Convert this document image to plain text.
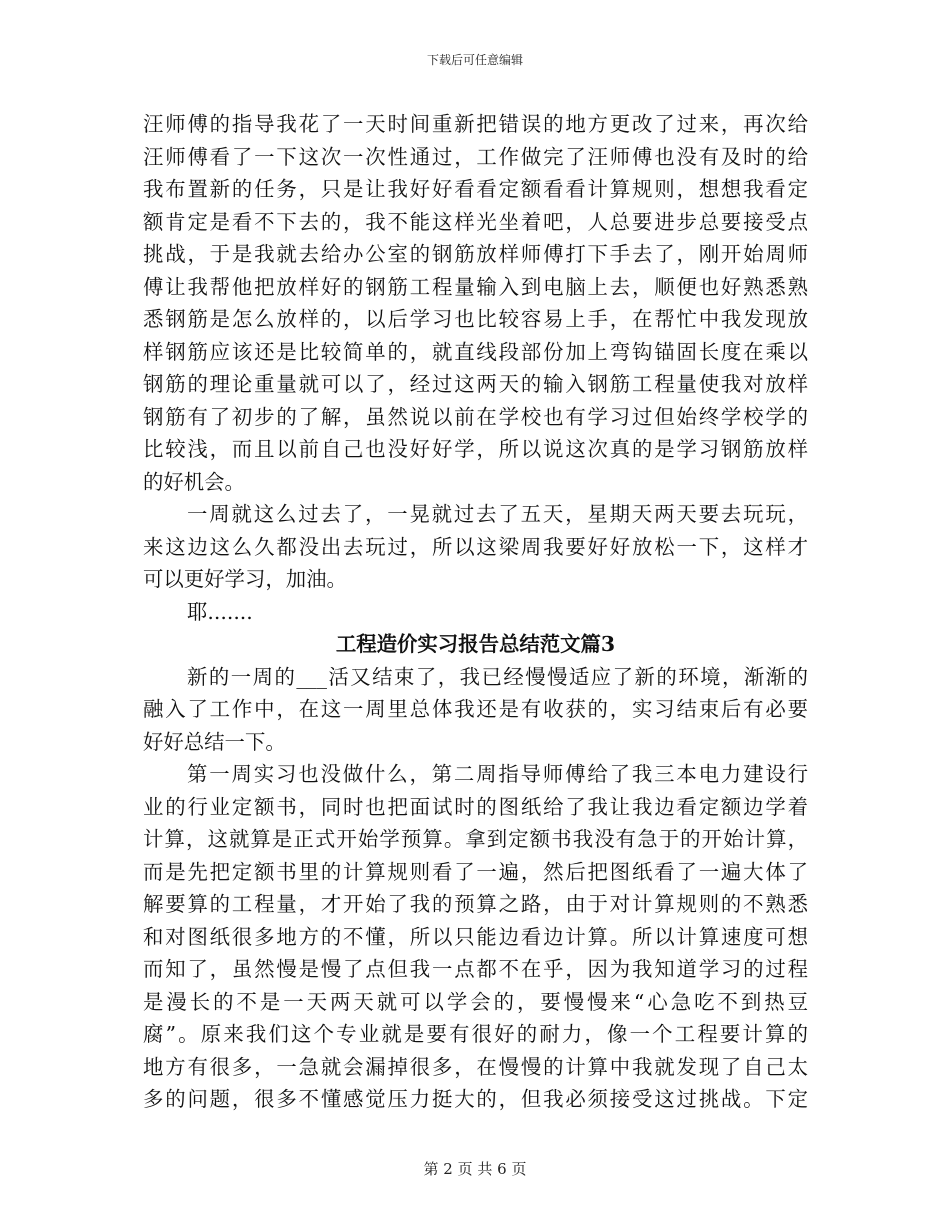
下载后可任意编辑
汪师傅的指导我花了一天时间重新把错误的地方更改了过来，再次给
汪师傅看了一下这次一次性通过，工作做完了汪师傅也没有及时的给
我布置新的任务，只是让我好好看看定额看看计算规则，想想我看定
额肯定是看不下去的，我不能这样光坐着吧，人总要进步总要接受点
挑战，于是我就去给办公室的钢筋放样师傅打下手去了，刚开始周师
傅让我帮他把放样好的钢筋工程量输入到电脑上去，顺便也好熟悉熟
悉钢筋是怎么放样的，以后学习也比较容易上手，在帮忙中我发现放
样钢筋应该还是比较简单的，就直线段部份加上弯钩锚固长度在乘以
钢筋的理论重量就可以了，经过这两天的输入钢筋工程量使我对放样
钢筋有了初步的了解，虽然说以前在学校也有学习过但始终学校学的
比较浅，而且以前自己也没好好学，所以说这次真的是学习钢筋放样
的好机会。
一周就这么过去了，一晃就过去了五天，星期天两天要去玩玩，
来这边这么久都没出去玩过，所以这梁周我要好好放松一下，这样才
可以更好学习，加油。
耶.......
工程造价实习报告总结范文篇3
新的一周的___活又结束了，我已经慢慢适应了新的环境，渐渐的
融入了工作中，在这一周里总体我还是有收获的，实习结束后有必要
好好总结一下。
第一周实习也没做什么，第二周指导师傅给了我三本电力建设行
业的行业定额书，同时也把面试时的图纸给了我让我边看定额边学着
计算，这就算是正式开始学预算。拿到定额书我没有急于的开始计算，
而是先把定额书里的计算规则看了一遍，然后把图纸看了一遍大体了
解要算的工程量，才开始了我的预算之路，由于对计算规则的不熟悉
和对图纸很多地方的不懂，所以只能边看边计算。所以计算速度可想
而知了，虽然慢是慢了点但我一点都不在乎，因为我知道学习的过程
是漫长的不是一天两天就可以学会的，要慢慢来“心急吃不到热豆
腐”。原来我们这个专业就是要有很好的耐力，像一个工程要计算的
地方有很多，一急就会漏掉很多，在慢慢的计算中我就发现了自己太
多的问题，很多不懂感觉压力挺大的，但我必须接受这过挑战。下定
第 2 页 共 6 页
